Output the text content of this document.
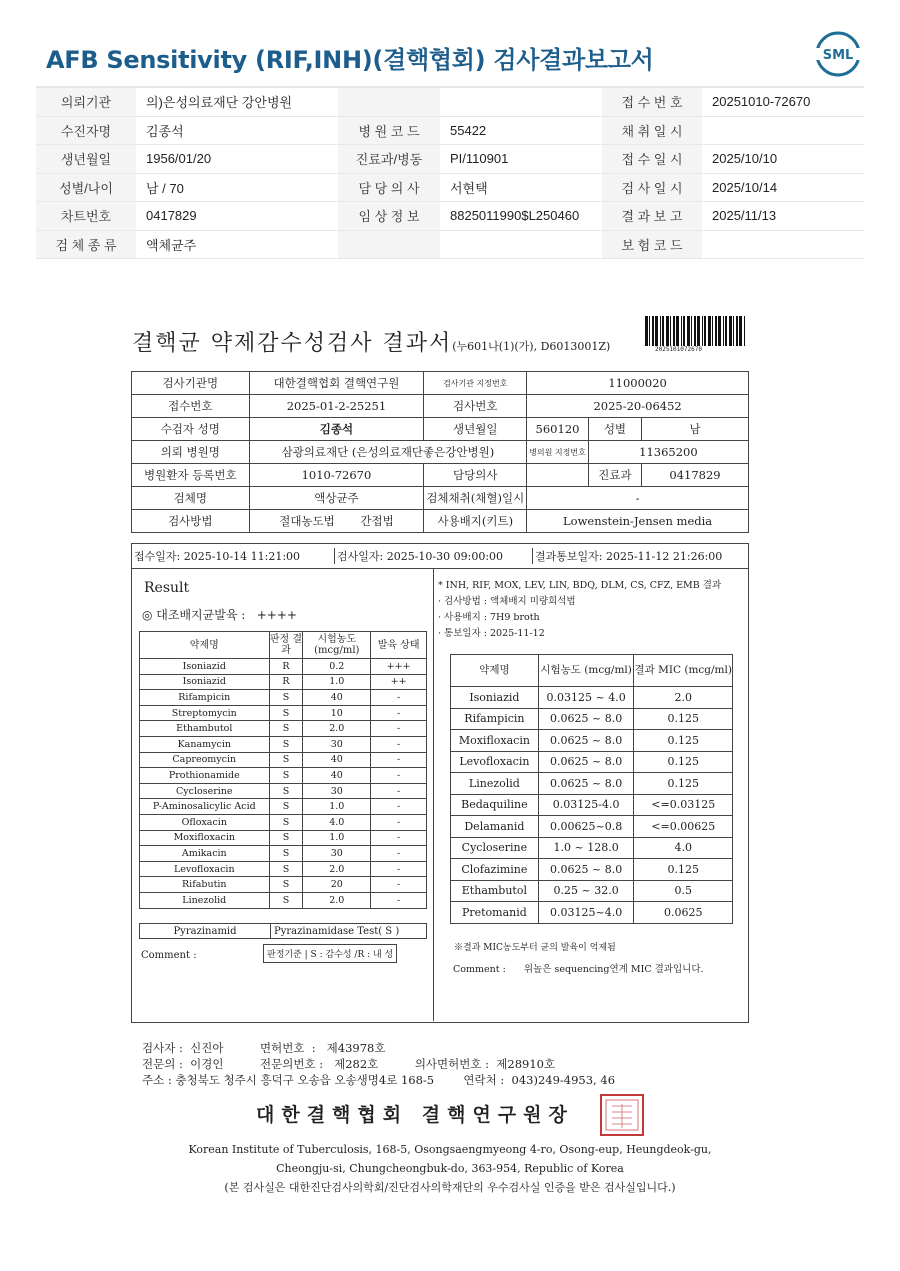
AFB Sensitivity (RIF,INH)(결핵협회) 검사결과보고서	SML
의뢰기관	의)은성의료재단 강안병원			접 수 번 호	20251010-72670
수진자명	김종석	병 원 코 드	55422	채 취 일 시	
생년월일	1956/01/20	진료과/병동	PI/110901	접 수 일 시	2025/10/10
성별/나이	남 / 70	담 당 의 사	서현택	검 사 일 시	2025/10/14
차트번호	0417829	임 상 정 보	8825011990$L250460	결 과 보 고	2025/11/13
검 체 종 류	액체균주			보 험 코 드	
결핵균 약제감수성검사 결과서(누601나(1)(가), D6013001Z)	2025101072670
검사기관명	대한결핵협회 결핵연구원	검사기관 지정번호	11000020		
접수번호	2025-01-2-25251	검사번호	2025-20-06452		
수검자 성명	김종석	생년월일	560120	성별	남
의뢰 병원명	삼광의료재단 (은성의료재단좋은강안병원)		병의원 지정번호	11365200	
병원환자 등록번호	1010-72670	담당의사		진료과	0417829
검체명	액상균주	검체채취(채혈)일시	-		
검사방법	절대농도법 간접법	사용배지(키트)	Lowenstein-Jensen media		
접수일자: 2025-10-14 11:21:00	검사일자: 2025-10-30 09:00:00	결과통보일자: 2025-11-12 21:26:00
Result
◎ 대조배지균발육 : ++++
약제명	판정 결과	시험농도 (mcg/ml)	발육 상태
Isoniazid	R	0.2	+++
Isoniazid	R	1.0	++
Rifampicin	S	40	-
Streptomycin	S	10	-
Ethambutol	S	2.0	-
Kanamycin	S	30	-
Capreomycin	S	40	-
Prothionamide	S	40	-
Cycloserine	S	30	-
P-Aminosalicylic Acid	S	1.0	-
Ofloxacin	S	4.0	-
Moxifloxacin	S	1.0	-
Amikacin	S	30	-
Levofloxacin	S	2.0	-
Rifabutin	S	20	-
Linezolid	S	2.0	-
Pyrazinamid	Pyrazinamidase Test( S )
Comment :	판정기준 | S : 감수성 /R : 내 성
* INH, RIF, MOX, LEV, LIN, BDQ, DLM, CS, CFZ, EMB 결과
· 검사방법 : 액체배지 미량희석법
· 사용배지 : 7H9 broth
· 통보일자 : 2025-11-12
약제명	시험농도 (mcg/ml)	결과 MIC (mcg/ml)
Isoniazid	0.03125 ~ 4.0	2.0
Rifampicin	0.0625 ~ 8.0	0.125
Moxifloxacin	0.0625 ~ 8.0	0.125
Levofloxacin	0.0625 ~ 8.0	0.125
Linezolid	0.0625 ~ 8.0	0.125
Bedaquiline	0.03125-4.0	<=0.03125
Delamanid	0.00625~0.8	<=0.00625
Cycloserine	1.0 ~ 128.0	4.0
Clofazimine	0.0625 ~ 8.0	0.125
Ethambutol	0.25 ~ 32.0	0.5
Pretomanid	0.03125~4.0	0.0625
※결과 MIC농도부터 균의 발육이 억제됨
Comment : 위놀은 sequencing연계 MIC 결과입니다.
검사자 :  신진아          면허번호  :   제43978호
전문의 :  이경인          전문의번호 :   제282호          의사면허번호 :  제28910호
주소 : 충청북도 청주시 흥덕구 오송읍 오송생명4로 168-5        연락처 :  043)249-4953, 46
대한결핵협회 결핵연구원장
Korean Institute of Tuberculosis, 168-5, Osongsaengmyeong 4-ro, Osong-eup, Heungdeok-gu,
Cheongju-si, Chungcheongbuk-do, 363-954, Republic of Korea
(본 검사실은 대한진단검사의학회/진단검사의학재단의 우수검사실 인증을 받은 검사실입니다.)
